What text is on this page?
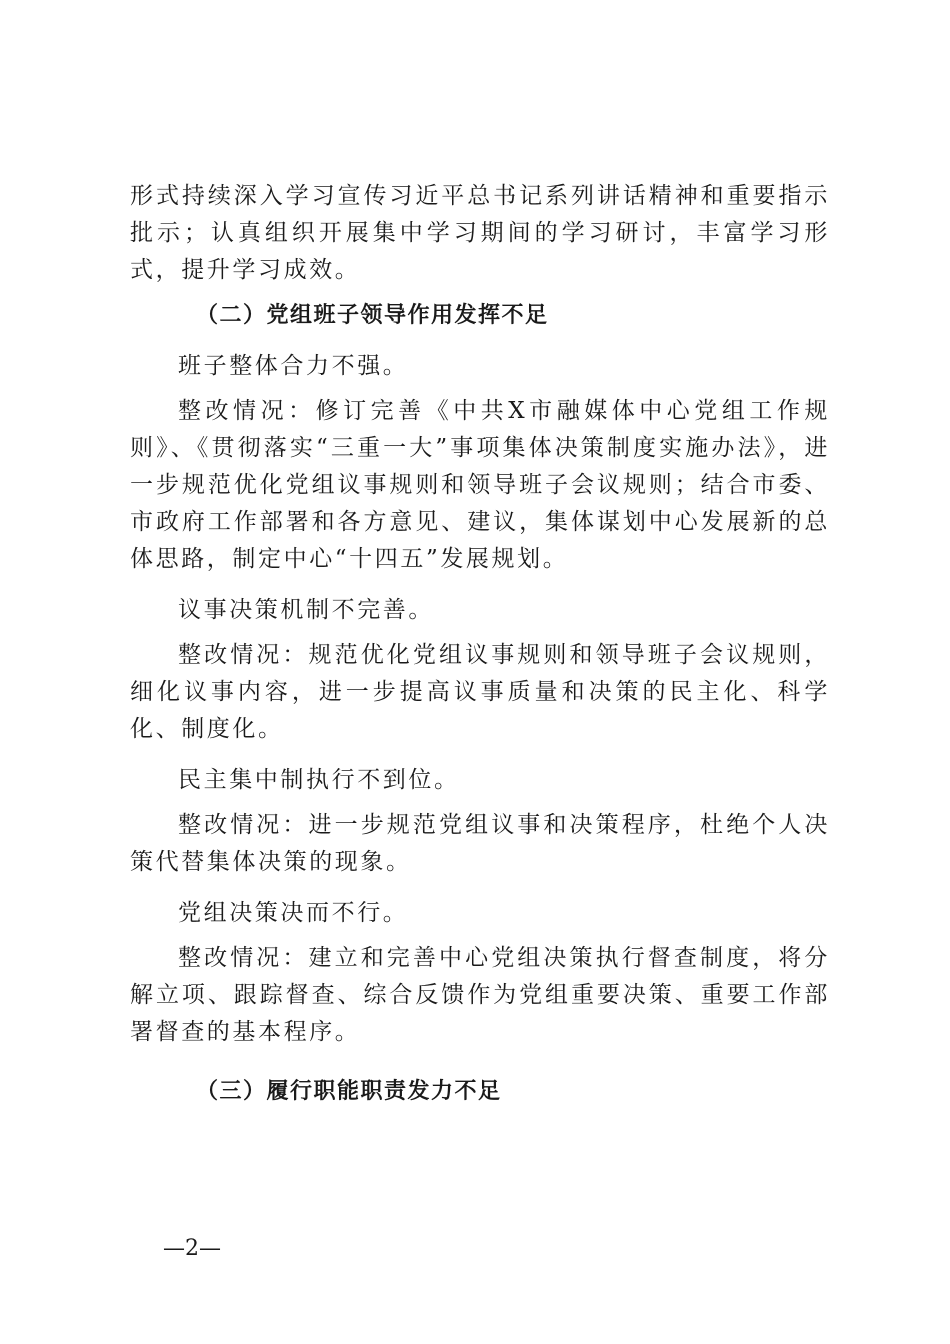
形式持续深入学习宣传习近平总书记系列讲话精神和重要指示批示；认真组织开展集中学习期间的学习研讨，丰富学习形式，提升学习成效。

（二）党组班子领导作用发挥不足

班子整体合力不强。

整改情况：修订完善《中共X市融媒体中心党组工作规则》、《贯彻落实“三重一大”事项集体决策制度实施办法》，进一步规范优化党组议事规则和领导班子会议规则；结合市委、市政府工作部署和各方意见、建议，集体谋划中心发展新的总体思路，制定中心“十四五”发展规划。

议事决策机制不完善。

整改情况：规范优化党组议事规则和领导班子会议规则，细化议事内容，进一步提高议事质量和决策的民主化、科学化、制度化。

民主集中制执行不到位。

整改情况：进一步规范党组议事和决策程序，杜绝个人决策代替集体决策的现象。

党组决策决而不行。

整改情况：建立和完善中心党组决策执行督查制度，将分解立项、跟踪督查、综合反馈作为党组重要决策、重要工作部署督查的基本程序。

（三）履行职能职责发力不足
—2—
